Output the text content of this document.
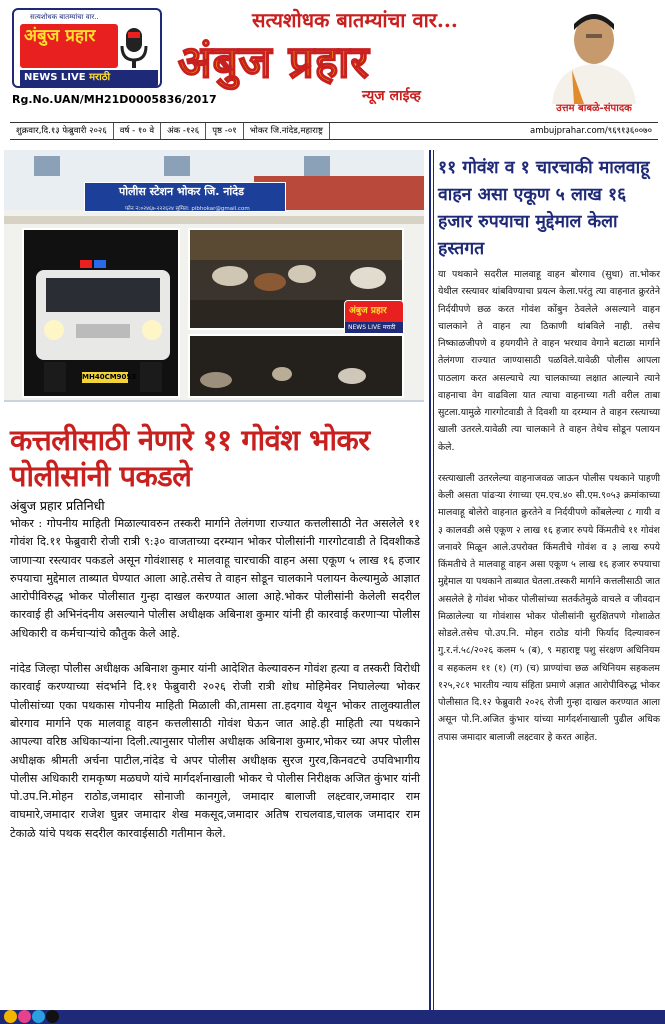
सत्यशोधक बातम्यांचा वार..
अंबुज प्रहार
NEWS LIVE मराठी
सत्यशोधक बातम्यांचा वार...
अंबुज प्रहार
न्यूज लाईव्ह
Rg.No.UAN/MH21D0005836/2017
उत्तम बाबळे-संपादक
शुक्रवार,दि.१३ फेब्रुवारी २०२६	वर्ष - १० वे	अंक -१२६	पृष्ठ -०१	भोकर जि.नांदेड,महाराष्ट्र	ambujprahar.com/९६९१३६००७०
पोलीस स्टेशन भोकर जि. नांदेड
फोन न:०२४६७-२२२६२४ सुमिल: pibhokar@gmail.com
MH40CM9053
अंबुज प्रहार
NEWS LIVE मराठी
कत्तलीसाठी नेणारे ११ गोवंश भोकर पोलीसांनी पकडले
अंबुज प्रहार प्रतिनिधी

भोकर : गोपनीय माहिती मिळाल्यावरुन तस्करी मार्गाने तेलंगणा राज्यात कत्तलीसाठी नेत असलेले ११ गोवंश दि.११ फेब्रुवारी रोजी रात्री ९:३० वाजताच्या दरम्यान भोकर पोलीसांनी गारगोटवाडी ते दिवशीकडे जाणाऱ्या रस्त्यावर पकडले असून गोवंशासह १ मालवाहू चारचाकी वाहन असा एकूण ५ लाख १६ हजार रुपयाचा मुद्देमाल ताब्यात घेण्यात आला आहे.तसेच ते वाहन सोडून चालकाने पलायन केल्यामुळे आज्ञात आरोपीविरुद्ध भोकर पोलीसात गुन्हा दाखल करण्यात आला आहे.भोकर पोलीसांनी केलेली सदरील कारवाई ही अभिनंदनीय असल्याने पोलीस अधीक्षक अबिनाश कुमार यांनी ही कारवाई करणाऱ्या पोलीस अधिकारी व कर्मचाऱ्यांचे कौतुक केले आहे.

नांदेड जिल्हा पोलीस अधीक्षक अबिनाश कुमार यांनी आदेशित केल्यावरुन गोवंश हत्या व तस्करी विरोधी कारवाई करण्याच्या संदर्भाने दि.११ फेब्रुवारी २०२६ रोजी रात्री शोध मोहिमेवर निघालेल्या भोकर पोलीसांच्या एका पथकास गोपनीय माहिती मिळाली की,तामसा ता.हदगाव येथून भोकर तालुक्यातील बोरगाव मार्गाने एक मालवाहू वाहन कत्तलीसाठी गोवंश घेऊन जात आहे.ही माहिती त्या पथकाने आपल्या वरिष्ठ अधिकाऱ्यांना दिली.त्यानुसार पोलीस अधीक्षक अबिनाश कुमार,भोकर च्या अपर पोलीस अधीक्षक श्रीमती अर्चना पाटील,नांदेड चे अपर पोलीस अधीक्षक सुरज गुरव,किनवटचे उपविभागीय पोलीस अधिकारी रामकृष्ण मळघणे यांचे मार्गदर्शनाखाली भोकर चे पोलीस निरीक्षक अजित कुंभार यांनी पो.उप.नि.मोहन राठोड,जमादार सोनाजी कानगुले, जमादार बालाजी लक्ष्टवार,जमादार राम वाघमारे,जमादार राजेश घुन्नर जमादार शेख मकसूद,जमादार अतिष राचलवाड,चालक जमादार राम टेकाळे यांचे पथक सदरील कारवाईसाठी गतीमान केले.

११ गोवंश व १ चारचाकी मालवाहू वाहन असा एकूण ५ लाख १६ हजार रुपयाचा मुद्देमाल केला हस्तगत

या पथकाने सदरील मालवाहू वाहन बोरगाव (सुधा) ता.भोकर येथील रस्त्यावर थांबविण्याचा प्रयत्न केला.परंतु त्या वाहनात क्रुरतेने निर्दयीपणे छळ करत गोवंश कोंबुन ठेवलेले असल्याने वाहन चालकाने ते वाहन त्या ठिकाणी थांबविले नाही. तसेच निष्काळजीपणे व हयगयीने ते वाहन भरधाव वेगाने बटाळा मार्गाने तेलंगणा राज्यात जाण्यासाठी पळविले.यावेळी पोलीस आपला पाठलाग करत असल्याचे त्या चालकाच्या लक्षात आल्याने त्याने वाहनाचा वेग वाढविला यात त्याचा वाहनाच्या गती वरील ताबा सुटला.यामुळे गारगोटवाडी ते दिवशी या दरम्यान ते वाहन रस्त्याच्या खाली उतरले.यावेळी त्या चालकाने ते वाहन तेथेच सोडून पलायन केले.

रस्त्याखाली उतरलेल्या वाहनाजवळ जाऊन पोलीस पथकाने पाहणी केली असता पांढऱ्या रंगाच्या एम.एच.४० सी.एम.९०५३ क्रमांकाच्या मालवाहू बोलेरो वाहनात क्रुरतेने व निर्दयीपणे कोंबलेल्या ८ गायी व ३ कालवडी असे एकूण २ लाख १६ हजार रुपये किंमतीचे ११ गोवंश जनावरे मिळून आले.उपरोक्त किंमतीचे गोवंश व ३ लाख रुपये किंमतीचे ते मालवाहू वाहन असा एकूण ५ लाख १६ हजार रुपयाचा मुद्देमाल या पथकाने ताब्यात घेतला.तस्करी मार्गाने कत्तलीसाठी जात असलेले हे गोवंश भोकर पोलीसांच्या सतर्कतेमुळे वाचले व जीवदान मिळालेल्या या गोवंशास भोकर पोलीसांनी सुरक्षितपणे गोशाळेत सोडले.तसेच पो.उप.नि. मोहन राठोड यांनी फिर्याद दिल्यावरुन गु.र.नं.५८/२०२६ कलम ५ (ब), ९ महाराष्ट्र पशु संरक्षण अधिनियम व सहकलम ११ (१) (ग) (च) प्राण्यांचा छळ अधिनियम सहकलम १२५,२८१ भारतीय न्याय संहिता प्रमाणे अज्ञात आरोपीविरुद्ध भोकर पोलीसात दि.१२ फेब्रुवारी २०२६ रोजी गुन्हा दाखल करण्यात आला असून पो.नि.अजित कुंभार यांच्या मार्गदर्शनाखाली पुढील अधिक तपास जमादार बालाजी लक्ष्टवार हे करत आहेत.
